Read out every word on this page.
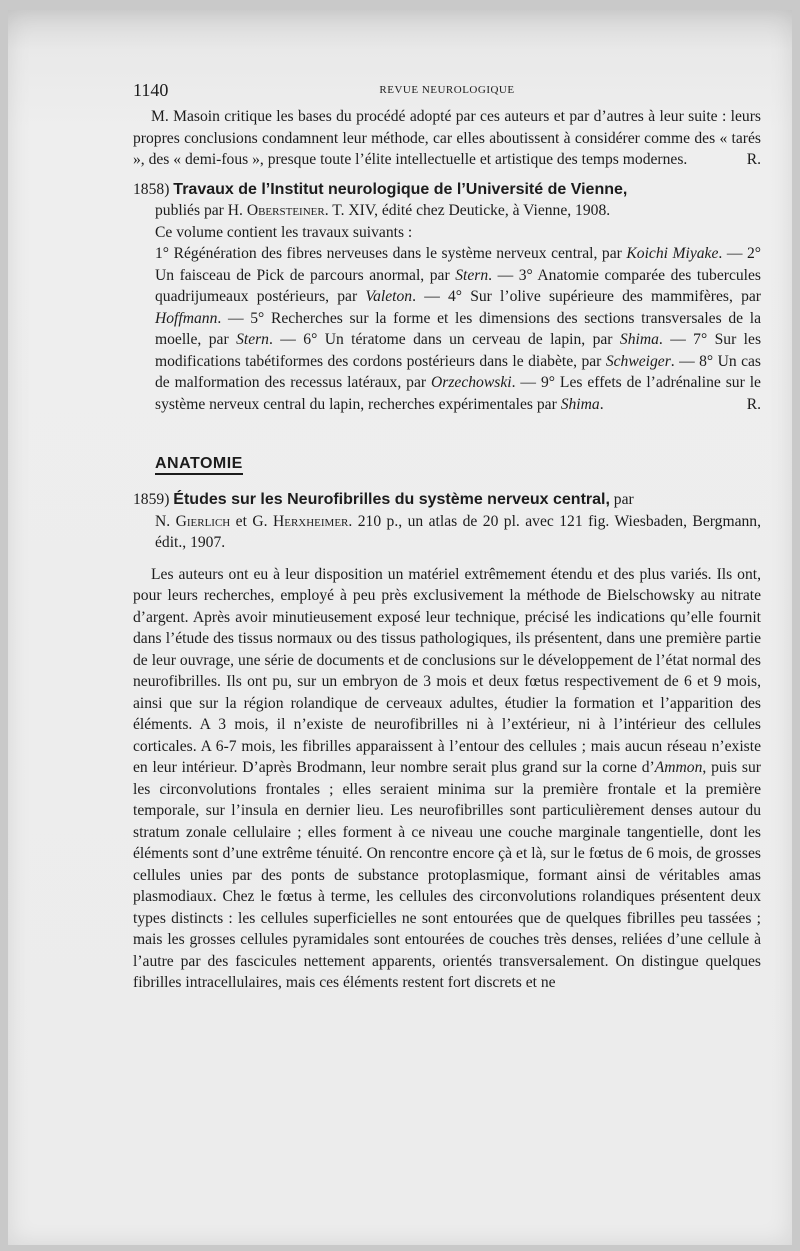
1140	REVUE NEUROLOGIQUE

M. Masoin critique les bases du procédé adopté par ces auteurs et par d’autres à leur suite : leurs propres conclusions condamnent leur méthode, car elles aboutissent à considérer comme des « tarés », des « demi-fous », presque toute l’élite intellectuelle et artistique des temps modernes.	R.

1858) Travaux de l’Institut neurologique de l’Université de Vienne,
publiés par H. Obersteiner. T. XIV, édité chez Deuticke, à Vienne, 1908.

Ce volume contient les travaux suivants :

1° Régénération des fibres nerveuses dans le système nerveux central, par Koichi Miyake. — 2° Un faisceau de Pick de parcours anormal, par Stern. — 3° Anatomie comparée des tubercules quadrijumeaux postérieurs, par Valeton. — 4° Sur l’olive supérieure des mammifères, par Hoffmann. — 5° Recherches sur la forme et les dimensions des sections transversales de la moelle, par Stern. — 6° Un tératome dans un cerveau de lapin, par Shima. — 7° Sur les modifications tabétiformes des cordons postérieurs dans le diabète, par Schweiger. — 8° Un cas de malformation des recessus latéraux, par Orzechowski. — 9° Les effets de l’adrénaline sur le système nerveux central du lapin, recherches expérimentales par Shima.	R.

ANATOMIE

1859) Études sur les Neurofibrilles du système nerveux central, par
N. Gierlich et G. Herxheimer. 210 p., un atlas de 20 pl. avec 121 fig. Wiesbaden, Bergmann, édit., 1907.

Les auteurs ont eu à leur disposition un matériel extrêmement étendu et des plus variés. Ils ont, pour leurs recherches, employé à peu près exclusivement la méthode de Bielschowsky au nitrate d’argent. Après avoir minutieusement exposé leur technique, précisé les indications qu’elle fournit dans l’étude des tissus normaux ou des tissus pathologiques, ils présentent, dans une première partie de leur ouvrage, une série de documents et de conclusions sur le développement de l’état normal des neurofibrilles. Ils ont pu, sur un embryon de 3 mois et deux fœtus respectivement de 6 et 9 mois, ainsi que sur la région rolandique de cerveaux adultes, étudier la formation et l’apparition des éléments. A 3 mois, il n’existe de neurofibrilles ni à l’extérieur, ni à l’intérieur des cellules corticales. A 6-7 mois, les fibrilles apparaissent à l’entour des cellules ; mais aucun réseau n’existe en leur intérieur. D’après Brodmann, leur nombre serait plus grand sur la corne d’Ammon, puis sur les circonvolutions frontales ; elles seraient minima sur la première frontale et la première temporale, sur l’insula en dernier lieu. Les neurofibrilles sont particulièrement denses autour du stratum zonale cellulaire ; elles forment à ce niveau une couche marginale tangentielle, dont les éléments sont d’une extrême ténuité. On rencontre encore çà et là, sur le fœtus de 6 mois, de grosses cellules unies par des ponts de substance protoplasmique, formant ainsi de véritables amas plasmodiaux. Chez le fœtus à terme, les cellules des circonvolutions rolandiques présentent deux types distincts : les cellules superficielles ne sont entourées que de quelques fibrilles peu tassées ; mais les grosses cellules pyramidales sont entourées de couches très denses, reliées d’une cellule à l’autre par des fascicules nettement apparents, orientés transversalement. On distingue quelques fibrilles intracellulaires, mais ces éléments restent fort discrets et ne
